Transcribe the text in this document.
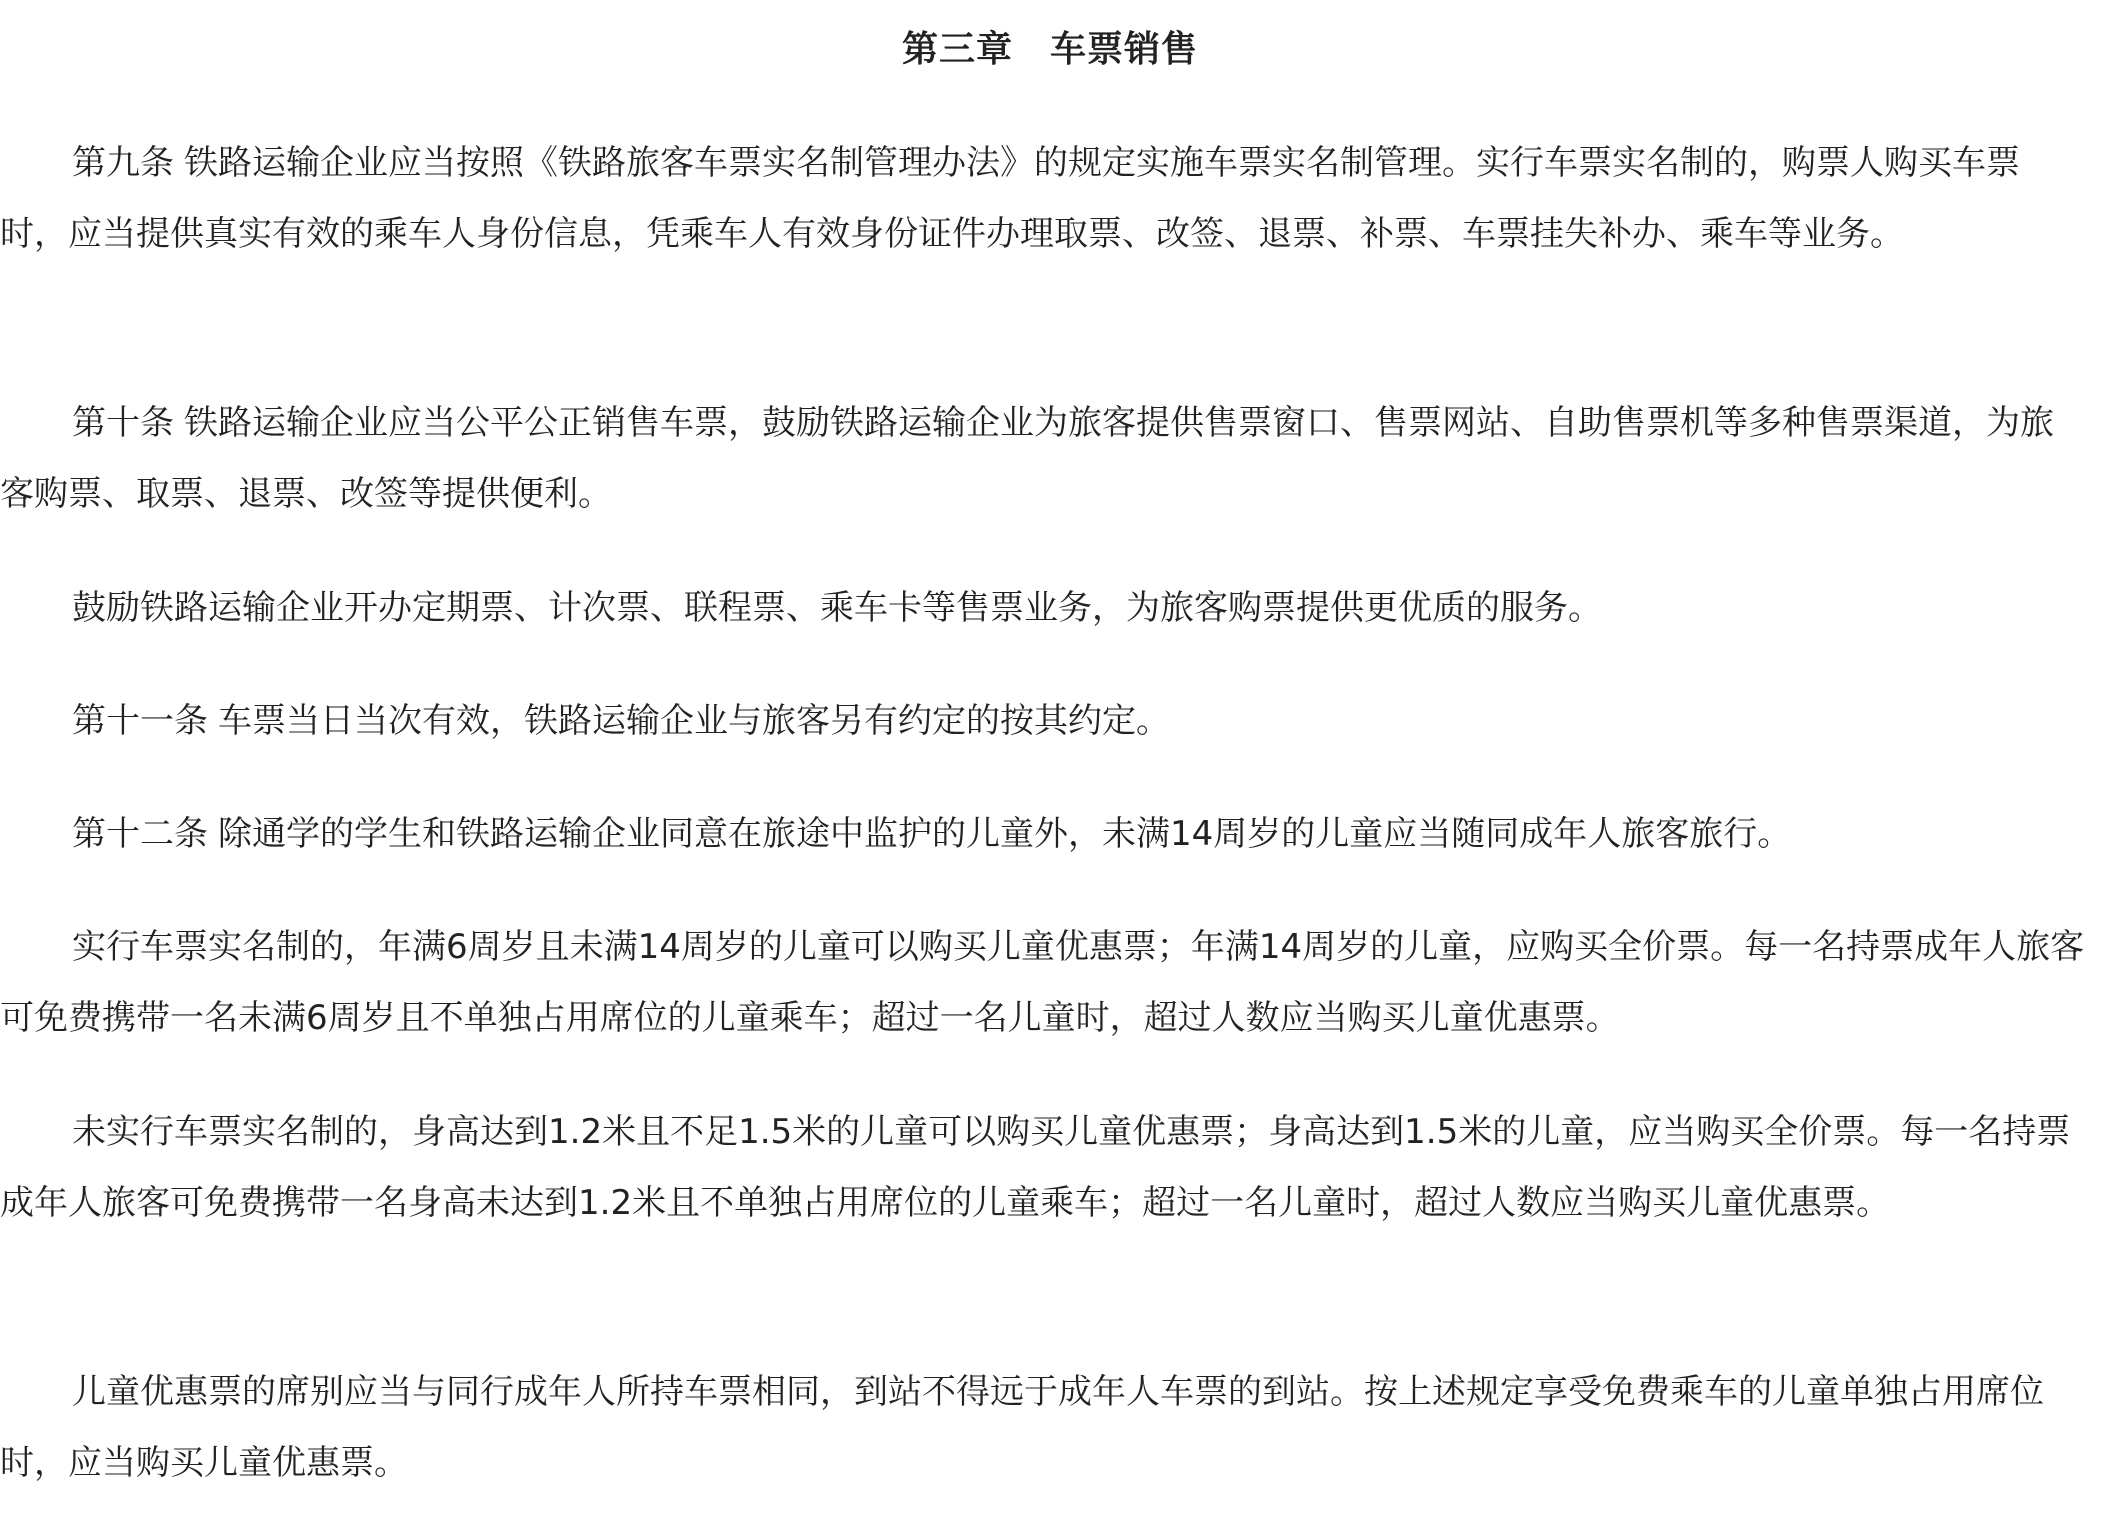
第三章　车票销售

第九条 铁路运输企业应当按照《铁路旅客车票实名制管理办法》的规定实施车票实名制管理。实行车票实名制的，购票人购买车票时，应当提供真实有效的乘车人身份信息，凭乘车人有效身份证件办理取票、改签、退票、补票、车票挂失补办、乘车等业务。

第十条 铁路运输企业应当公平公正销售车票，鼓励铁路运输企业为旅客提供售票窗口、售票网站、自助售票机等多种售票渠道，为旅客购票、取票、退票、改签等提供便利。

鼓励铁路运输企业开办定期票、计次票、联程票、乘车卡等售票业务，为旅客购票提供更优质的服务。

第十一条 车票当日当次有效，铁路运输企业与旅客另有约定的按其约定。

第十二条 除通学的学生和铁路运输企业同意在旅途中监护的儿童外，未满14周岁的儿童应当随同成年人旅客旅行。

实行车票实名制的，年满6周岁且未满14周岁的儿童可以购买儿童优惠票；年满14周岁的儿童，应购买全价票。每一名持票成年人旅客可免费携带一名未满6周岁且不单独占用席位的儿童乘车；超过一名儿童时，超过人数应当购买儿童优惠票。

未实行车票实名制的，身高达到1.2米且不足1.5米的儿童可以购买儿童优惠票；身高达到1.5米的儿童，应当购买全价票。每一名持票成年人旅客可免费携带一名身高未达到1.2米且不单独占用席位的儿童乘车；超过一名儿童时，超过人数应当购买儿童优惠票。

儿童优惠票的席别应当与同行成年人所持车票相同，到站不得远于成年人车票的到站。按上述规定享受免费乘车的儿童单独占用席位时，应当购买儿童优惠票。
